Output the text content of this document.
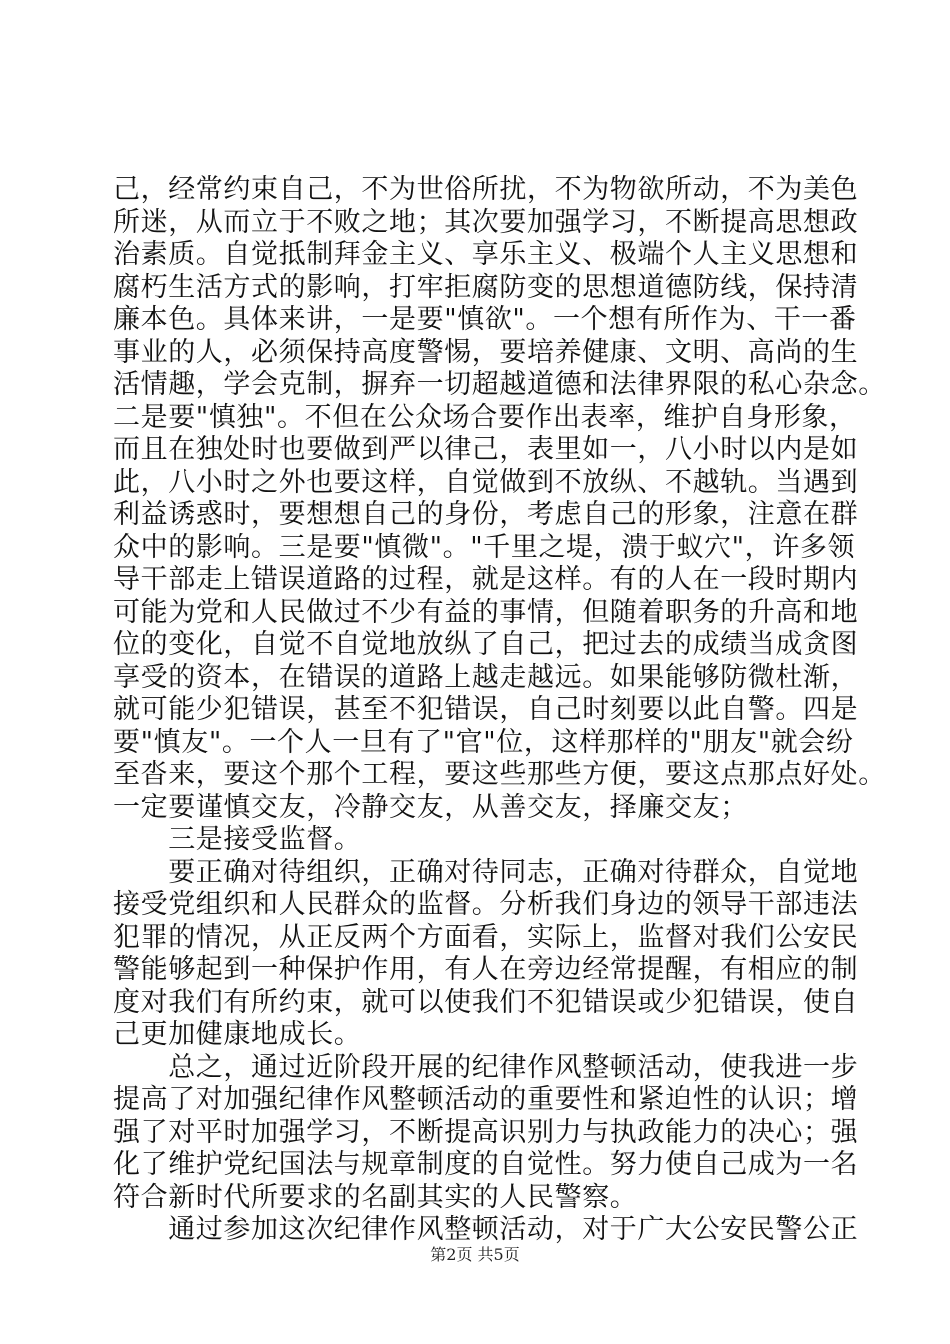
己，经常约束自己，不为世俗所扰，不为物欲所动，不为美色
所迷，从而立于不败之地；其次要加强学习，不断提高思想政
治素质。自觉抵制拜金主义、享乐主义、极端个人主义思想和
腐朽生活方式的影响，打牢拒腐防变的思想道德防线，保持清
廉本色。具体来讲，一是要"慎欲"。一个想有所作为、干一番
事业的人，必须保持高度警惕，要培养健康、文明、高尚的生
活情趣，学会克制，摒弃一切超越道德和法律界限的私心杂念。
二是要"慎独"。不但在公众场合要作出表率，维护自身形象，
而且在独处时也要做到严以律己，表里如一，八小时以内是如
此，八小时之外也要这样，自觉做到不放纵、不越轨。当遇到
利益诱惑时，要想想自己的身份，考虑自己的形象，注意在群
众中的影响。三是要"慎微"。"千里之堤，溃于蚁穴"，许多领
导干部走上错误道路的过程，就是这样。有的人在一段时期内
可能为党和人民做过不少有益的事情，但随着职务的升高和地
位的变化，自觉不自觉地放纵了自己，把过去的成绩当成贪图
享受的资本，在错误的道路上越走越远。如果能够防微杜渐，
就可能少犯错误，甚至不犯错误，自己时刻要以此自警。四是
要"慎友"。一个人一旦有了"官"位，这样那样的"朋友"就会纷
至沓来，要这个那个工程，要这些那些方便，要这点那点好处。
一定要谨慎交友，冷静交友，从善交友，择廉交友；
　　三是接受监督。
　　要正确对待组织，正确对待同志，正确对待群众，自觉地
接受党组织和人民群众的监督。分析我们身边的领导干部违法
犯罪的情况，从正反两个方面看，实际上，监督对我们公安民
警能够起到一种保护作用，有人在旁边经常提醒，有相应的制
度对我们有所约束，就可以使我们不犯错误或少犯错误，使自
己更加健康地成长。
　　总之，通过近阶段开展的纪律作风整顿活动，使我进一步
提高了对加强纪律作风整顿活动的重要性和紧迫性的认识；增
强了对平时加强学习，不断提高识别力与执政能力的决心；强
化了维护党纪国法与规章制度的自觉性。努力使自己成为一名
符合新时代所要求的名副其实的人民警察。
　　通过参加这次纪律作风整顿活动，对于广大公安民警公正
第2页 共5页
